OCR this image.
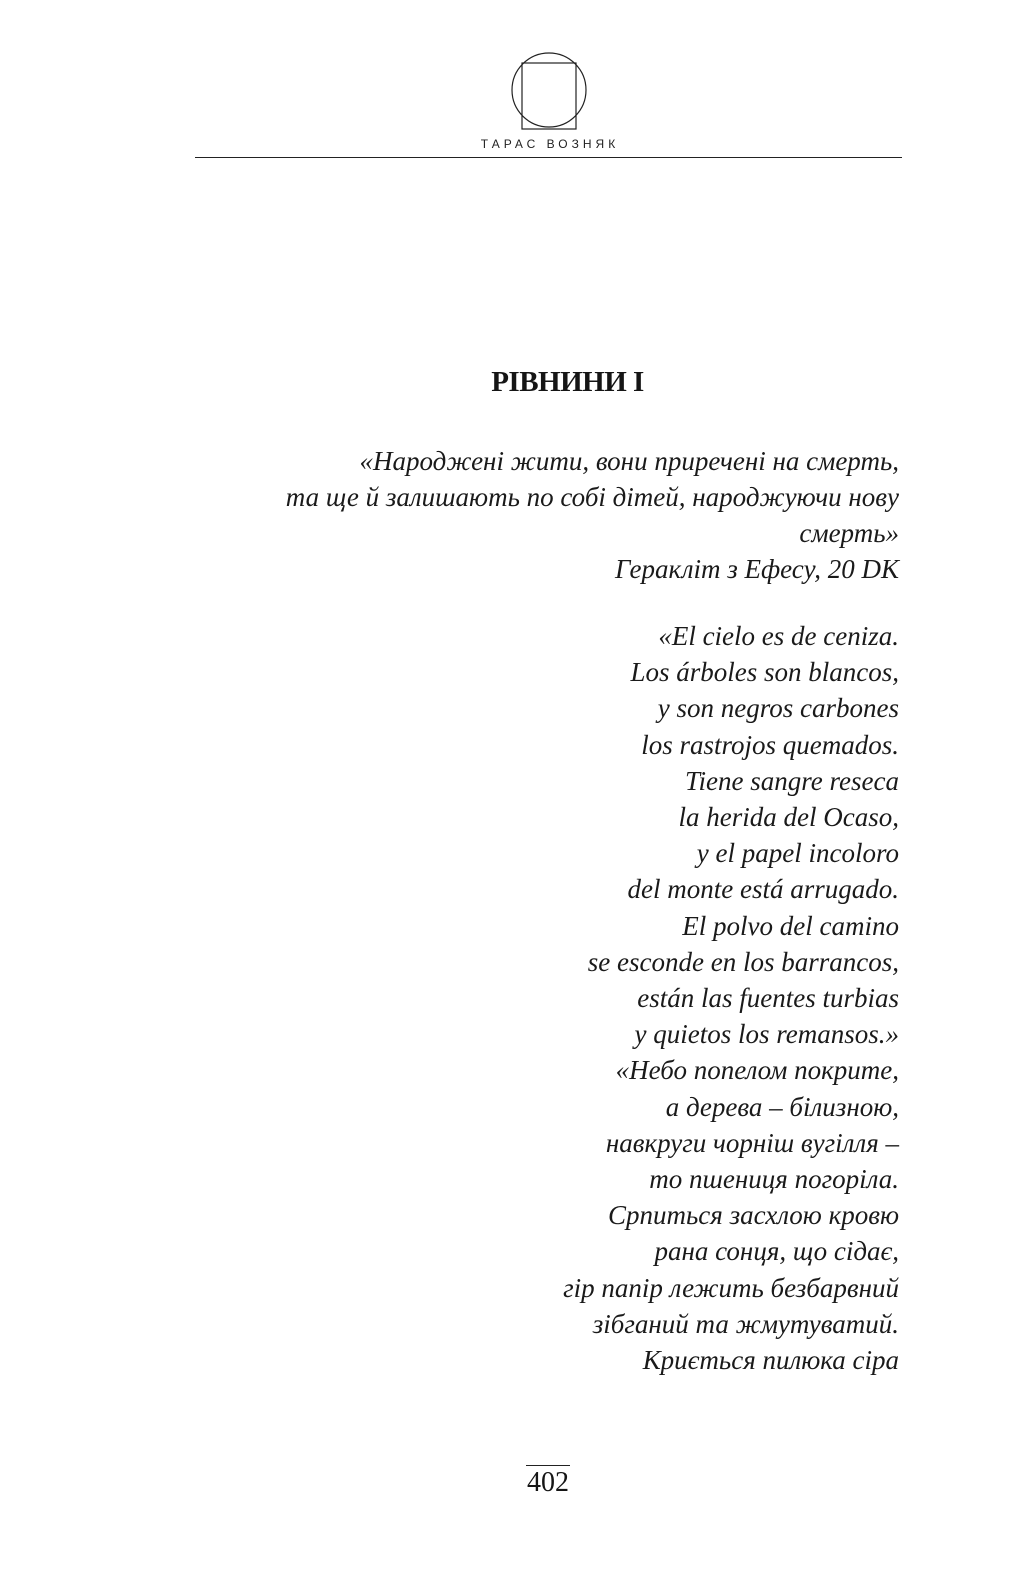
ТАРАС ВОЗНЯК
РІВНИНИ І
«Народжені жити, вони приречені на смерть,
та ще й залишають по собі дітей, народжуючи нову
смерть»
Геракліт з Ефесу, 20 DK
«El cielo es de ceniza.
Los árboles son blancos,
y son negros carbones
los rastrojos quemados.
Tiene sangre reseca
la herida del Ocaso,
y el papel incoloro
del monte está arrugado.
El polvo del camino
se esconde en los barrancos,
están las fuentes turbias
y quietos los remansos.»
«Небо попелом покрите,
а дерева – білизною,
навкруги чорніш вугілля –
то пшениця погоріла.
Српиться засхлою кровю
рана сонця, що сідає,
гір папір лежить безбарвний
зібганий та жмутуватий.
Криється пилюка сіра
402
